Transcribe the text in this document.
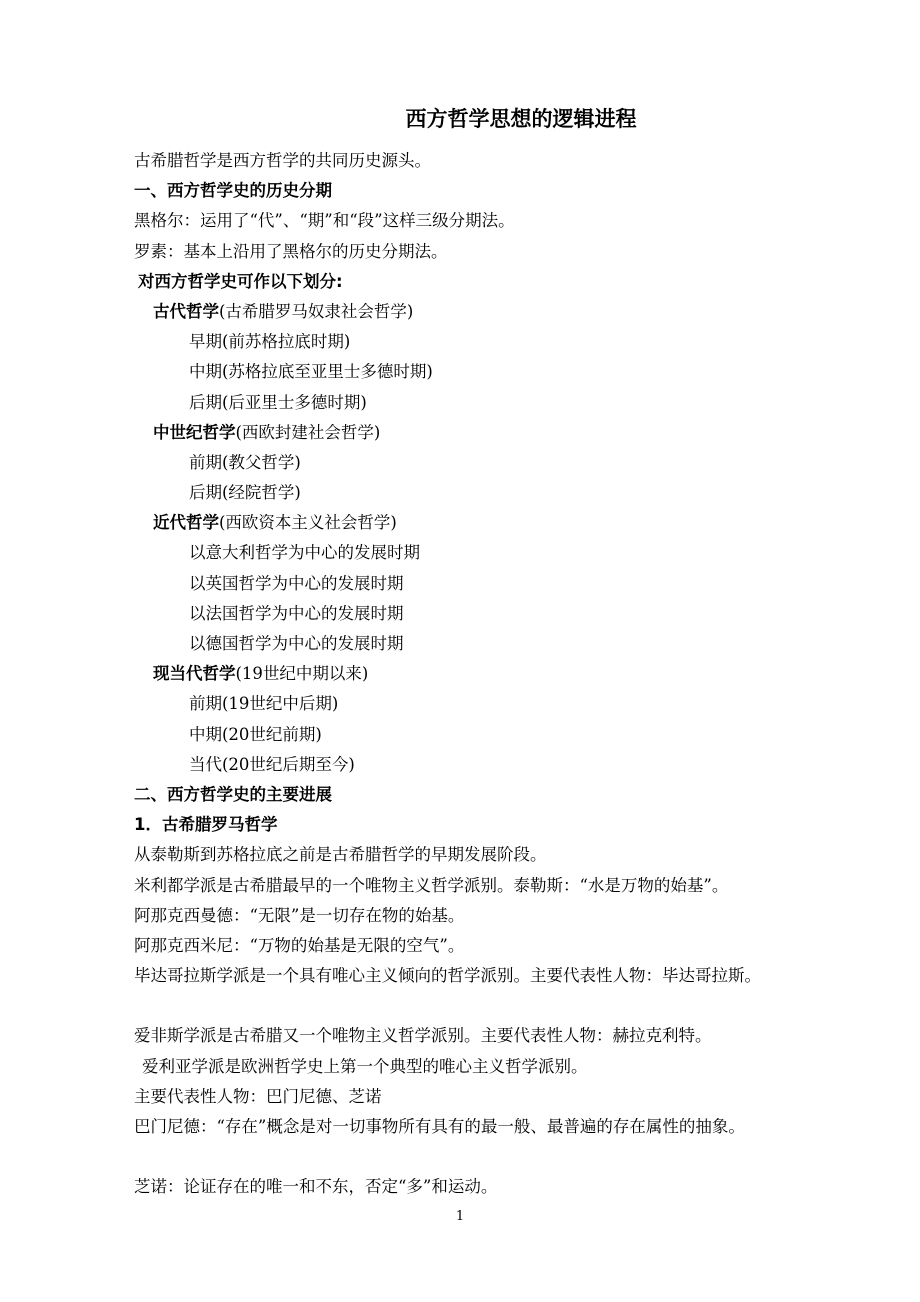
西方哲学思想的逻辑进程
古希腊哲学是西方哲学的共同历史源头。
一、西方哲学史的历史分期
黑格尔：运用了“代”、“期”和“段”这样三级分期法。
罗素：基本上沿用了黑格尔的历史分期法。
对西方哲学史可作以下划分:
古代哲学(古希腊罗马奴隶社会哲学)
早期(前苏格拉底时期)
中期(苏格拉底至亚里士多德时期)
后期(后亚里士多德时期)
中世纪哲学(西欧封建社会哲学)
前期(教父哲学)
后期(经院哲学)
近代哲学(西欧资本主义社会哲学)
以意大利哲学为中心的发展时期
以英国哲学为中心的发展时期
以法国哲学为中心的发展时期
以德国哲学为中心的发展时期
现当代哲学(19世纪中期以来)
前期(19世纪中后期)
中期(20世纪前期)
当代(20世纪后期至今)
二、西方哲学史的主要进展
1．古希腊罗马哲学
从泰勒斯到苏格拉底之前是古希腊哲学的早期发展阶段。
米利都学派是古希腊最早的一个唯物主义哲学派别。泰勒斯：“水是万物的始基”。
阿那克西曼德：“无限”是一切存在物的始基。
阿那克西米尼：“万物的始基是无限的空气”。
毕达哥拉斯学派是一个具有唯心主义倾向的哲学派别。主要代表性人物：毕达哥拉斯。
爱非斯学派是古希腊又一个唯物主义哲学派别。主要代表性人物：赫拉克利特。
爱利亚学派是欧洲哲学史上第一个典型的唯心主义哲学派别。
主要代表性人物：巴门尼德、芝诺
巴门尼德：“存在”概念是对一切事物所有具有的最一般、最普遍的存在属性的抽象。
芝诺：论证存在的唯一和不东，否定“多”和运动。
1
